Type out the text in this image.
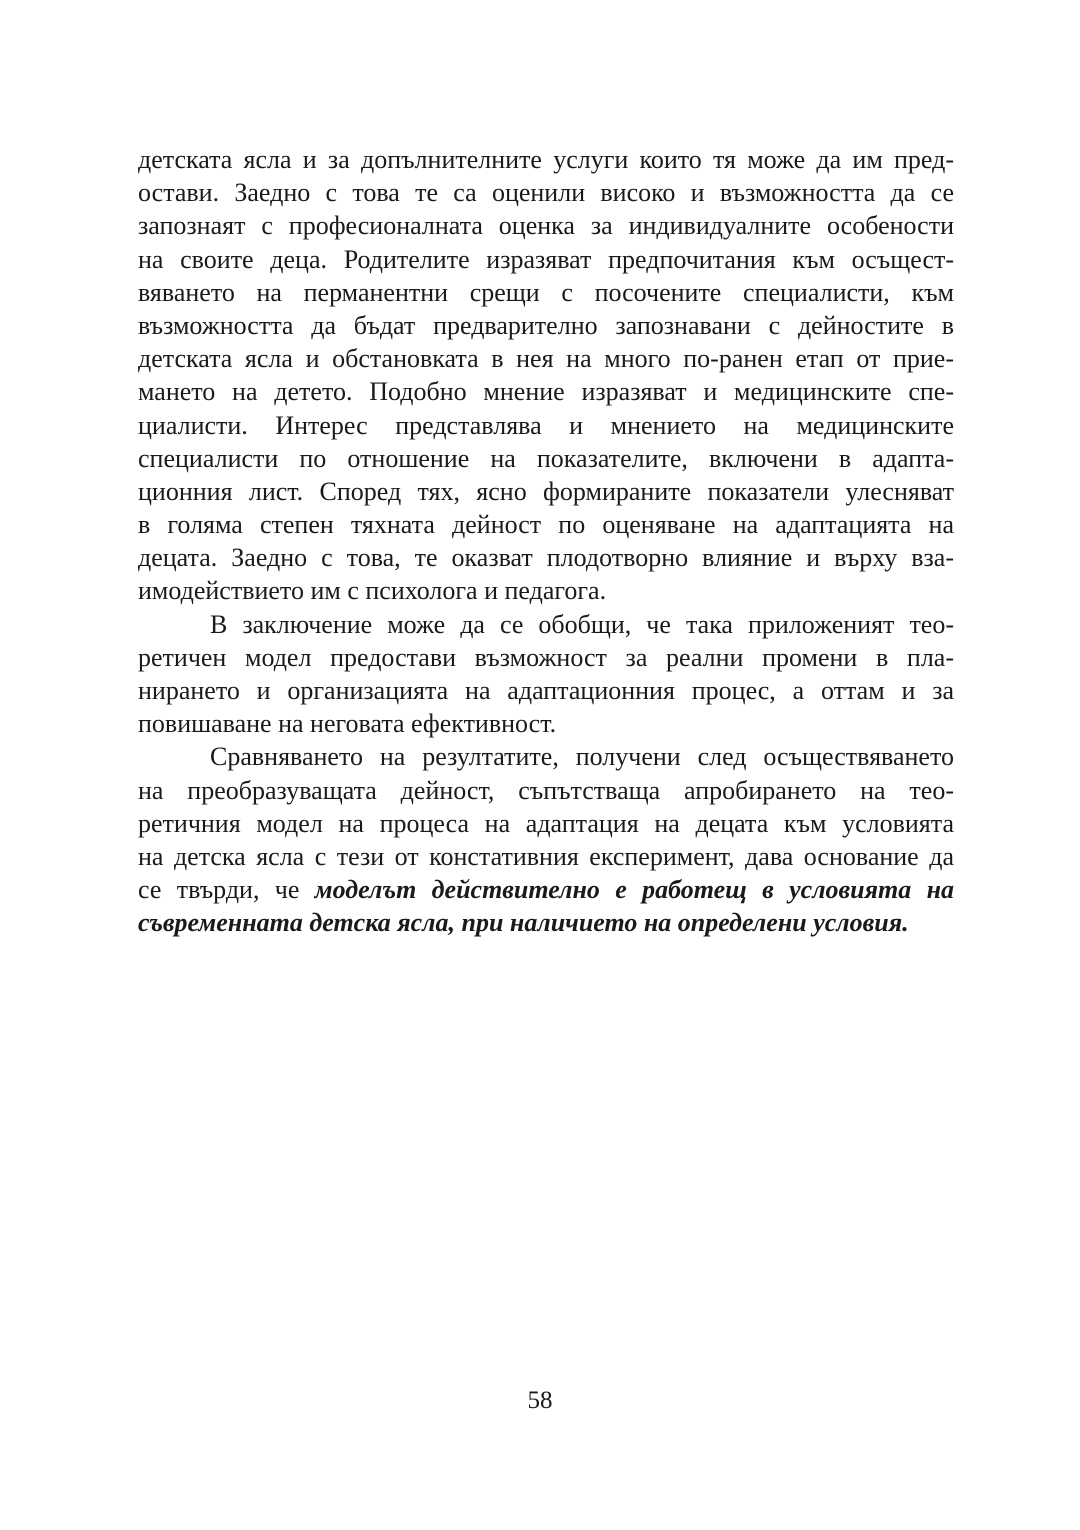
детската ясла и за допълнителните услуги които тя може да им пред-
остави. Заедно с това те са оценили високо и възможността да се
запознаят с професионалната оценка за индивидуалните особености
на своите деца. Родителите изразяват предпочитания към осъщест-
вяването на перманентни срещи с посочените специалисти, към
възможността да бъдат предварително запознавани с дейностите в
детската ясла и обстановката в нея на много по-ранен етап от прие-
мането на детето. Подобно мнение изразяват и медицинските спе-
циалисти. Интерес представлява и мнението на медицинските
специалисти по отношение на показателите, включени в адапта-
ционния лист. Според тях, ясно формираните показатели улесняват
в голяма степен тяхната дейност по оценяване на адаптацията на
децата. Заедно с това, те оказват плодотворно влияние и върху вза-
имодействието им с психолога и педагога.

В заключение може да се обобщи, че така приложеният тео-
ретичен модел предостави възможност за реални промени в пла-
нирането и организацията на адаптационния процес, а оттам и за
повишаване на неговата ефективност.

Сравняването на резултатите, получени след осъществяването
на преобразуващата дейност, съпътстваща апробирането на тео-
ретичния модел на процеса на адаптация на децата към условията
на детска ясла с тези от констативния експеримент, дава основание да
се твърди, че моделът действително е работещ в условията на
съвременната детска ясла, при наличието на определени условия.

58
